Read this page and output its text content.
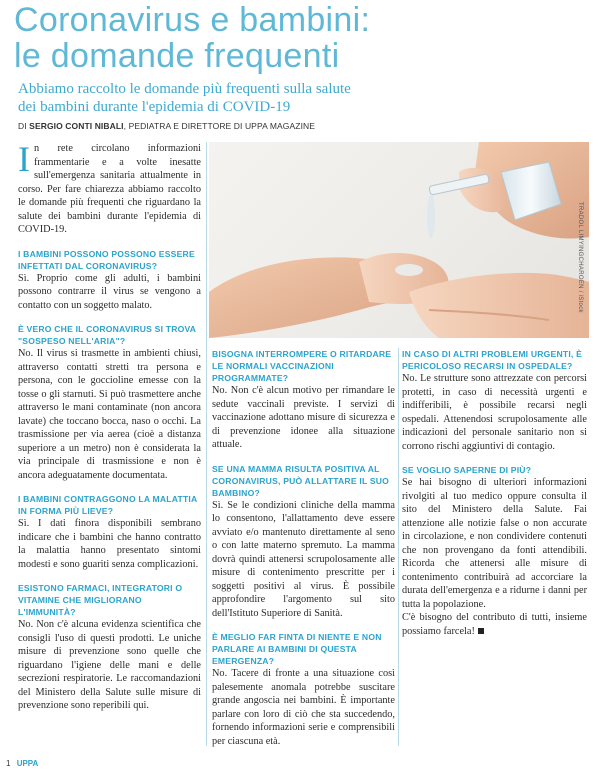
Coronavirus e bambini:
le domande frequenti
Abbiamo raccolto le domande più frequenti sulla salute
dei bambini durante l'epidemia di COVID-19
DI SERGIO CONTI NIBALI, PEDIATRA E DIRETTORE DI UPPA MAGAZINE
TRADOL LIMYINGCHAROEN / iStock

In rete circolano informazioni frammentarie e a volte inesatte sull'emergenza sanitaria attualmente in corso. Per fare chiarezza abbiamo raccolto le domande più frequenti che riguardano la salute dei bambini durante l'epidemia di COVID-19.

I BAMBINI POSSONO POSSONO ESSERE INFETTATI DAL CORONAVIRUS?

Sì. Proprio come gli adulti, i bambini possono contrarre il virus se vengono a contatto con un soggetto malato.

È VERO CHE IL CORONAVIRUS SI TROVA "SOSPESO NELL'ARIA"?

No. Il virus si trasmette in ambienti chiusi, attraverso contatti stretti tra persona e persona, con le goccioline emesse con la tosse o gli starnuti. Si può trasmettere anche attraverso le mani contaminate (non ancora lavate) che toccano bocca, naso o occhi. La trasmissione per via aerea (cioè a distanza superiore a un metro) non è considerata la via principale di trasmissione e non è ancora adeguatamente documentata.

I BAMBINI CONTRAGGONO LA MALATTIA IN FORMA PIÙ LIEVE?

Sì. I dati finora disponibili sembrano indicare che i bambini che hanno contratto la malattia hanno presentato sintomi modesti e sono guariti senza complicazioni.

ESISTONO FARMACI, INTEGRATORI O VITAMINE CHE MIGLIORANO L'IMMUNITÀ?

No. Non c'è alcuna evidenza scientifica che consigli l'uso di questi prodotti. Le uniche misure di prevenzione sono quelle che riguardano l'igiene delle mani e delle secrezioni respiratorie. Le raccomandazioni del Ministero della Salute sulle misure di prevenzione sono reperibili qui.

BISOGNA INTERROMPERE O RITARDARE LE NORMALI VACCINAZIONI PROGRAMMATE?

No. Non c'è alcun motivo per rimandare le sedute vaccinali previste. I servizi di vaccinazione adottano misure di sicurezza e di prevenzione idonee alla situazione attuale.

SE UNA MAMMA RISULTA POSITIVA AL CORONAVIRUS, PUÒ ALLATTARE IL SUO BAMBINO?

Sì. Se le condizioni cliniche della mamma lo consentono, l'allattamento deve essere avviato e/o mantenuto direttamente al seno o con latte materno spremuto. La mamma dovrà quindi attenersi scrupolosamente alle misure di contenimento prescritte per i soggetti positivi al virus. È possibile approfondire l'argomento sul sito dell'Istituto Superiore di Sanità.

È MEGLIO FAR FINTA DI NIENTE E NON PARLARE AI BAMBINI DI QUESTA EMERGENZA?

No. Tacere di fronte a una situazione così palesemente anomala potrebbe suscitare grande angoscia nei bambini. È importante parlare con loro di ciò che sta succedendo, fornendo informazioni serie e comprensibili per ciascuna età.

IN CASO DI ALTRI PROBLEMI URGENTI, È PERICOLOSO RECARSI IN OSPEDALE?

No. Le strutture sono attrezzate con percorsi protetti, in caso di necessità urgenti e indifferibili, è possibile recarsi negli ospedali. Attenendosi scrupolosamente alle indicazioni del personale sanitario non si corrono rischi aggiuntivi di contagio.

SE VOGLIO SAPERNE DI PIÙ?

Se hai bisogno di ulteriori informazioni rivolgiti al tuo medico oppure consulta il sito del Ministero della Salute. Fai attenzione alle notizie false o non accurate in circolazione, e non condividere contenuti che non provengano da fonti attendibili. Ricorda che attenersi alle misure di contenimento contribuirà ad accorciare la durata dell'emergenza e a ridurne i danni per tutta la popolazione.

C'è bisogno del contributo di tutti, insieme possiamo farcela!

1 UPPA
